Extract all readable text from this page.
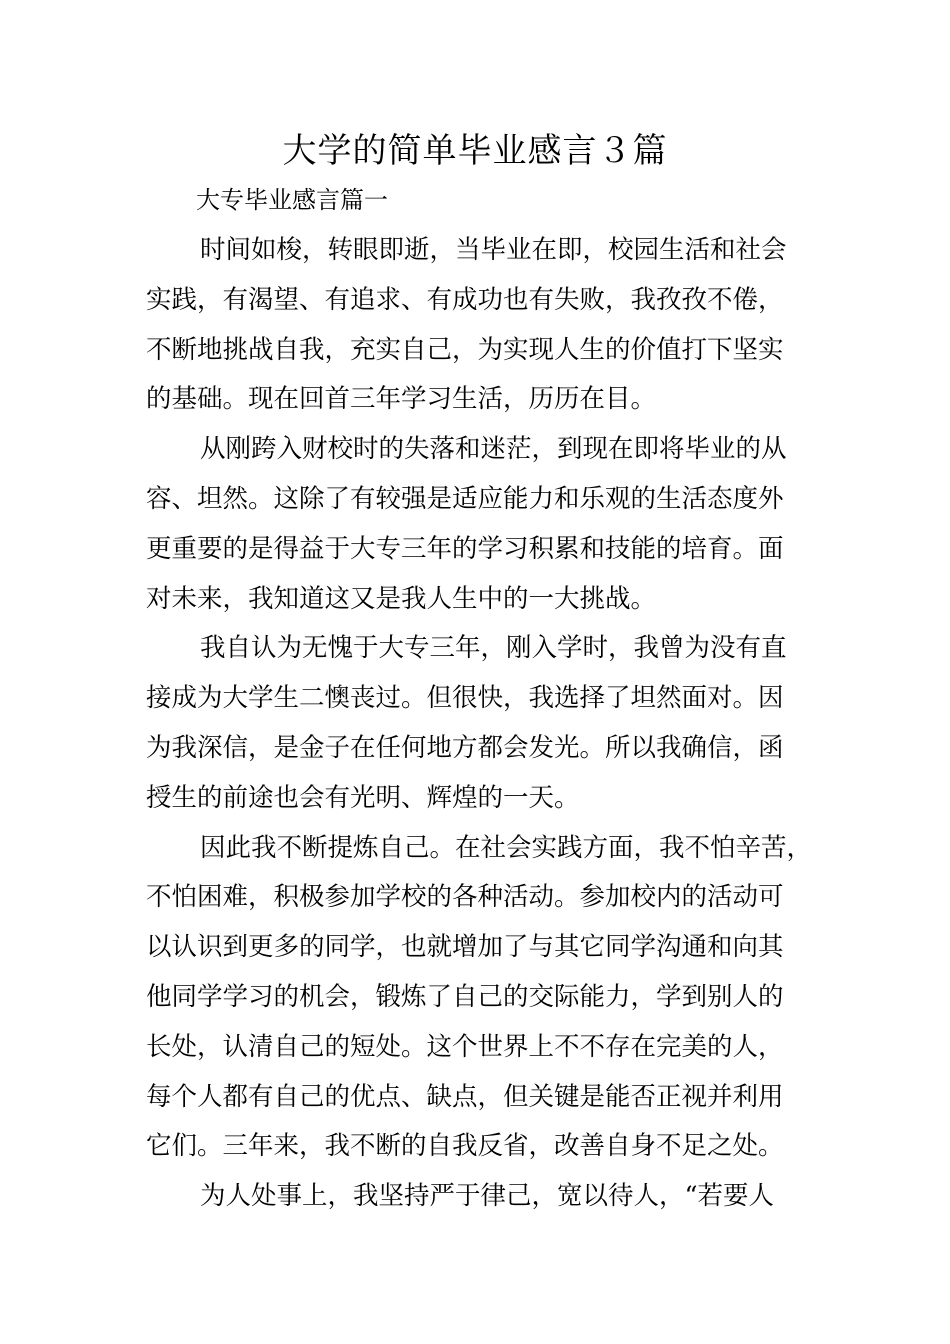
大学的简单毕业感言３篇
大专毕业感言篇一
时间如梭，转眼即逝，当毕业在即，校园生活和社会
实践，有渴望、有追求、有成功也有失败，我孜孜不倦，
不断地挑战自我，充实自己，为实现人生的价值打下坚实
的基础。现在回首三年学习生活，历历在目。
从刚跨入财校时的失落和迷茫，到现在即将毕业的从
容、坦然。这除了有较强是适应能力和乐观的生活态度外
更重要的是得益于大专三年的学习积累和技能的培育。面
对未来，我知道这又是我人生中的一大挑战。
我自认为无愧于大专三年，刚入学时，我曾为没有直
接成为大学生二懊丧过。但很快，我选择了坦然面对。因
为我深信，是金子在任何地方都会发光。所以我确信，函
授生的前途也会有光明、辉煌的一天。
因此我不断提炼自己。在社会实践方面，我不怕辛苦，
不怕困难，积极参加学校的各种活动。参加校内的活动可
以认识到更多的同学，也就增加了与其它同学沟通和向其
他同学学习的机会，锻炼了自己的交际能力，学到别人的
长处，认清自己的短处。这个世界上不不存在完美的人，
每个人都有自己的优点、缺点，但关键是能否正视并利用
它们。三年来，我不断的自我反省，改善自身不足之处。
为人处事上，我坚持严于律己，宽以待人，“若要人
